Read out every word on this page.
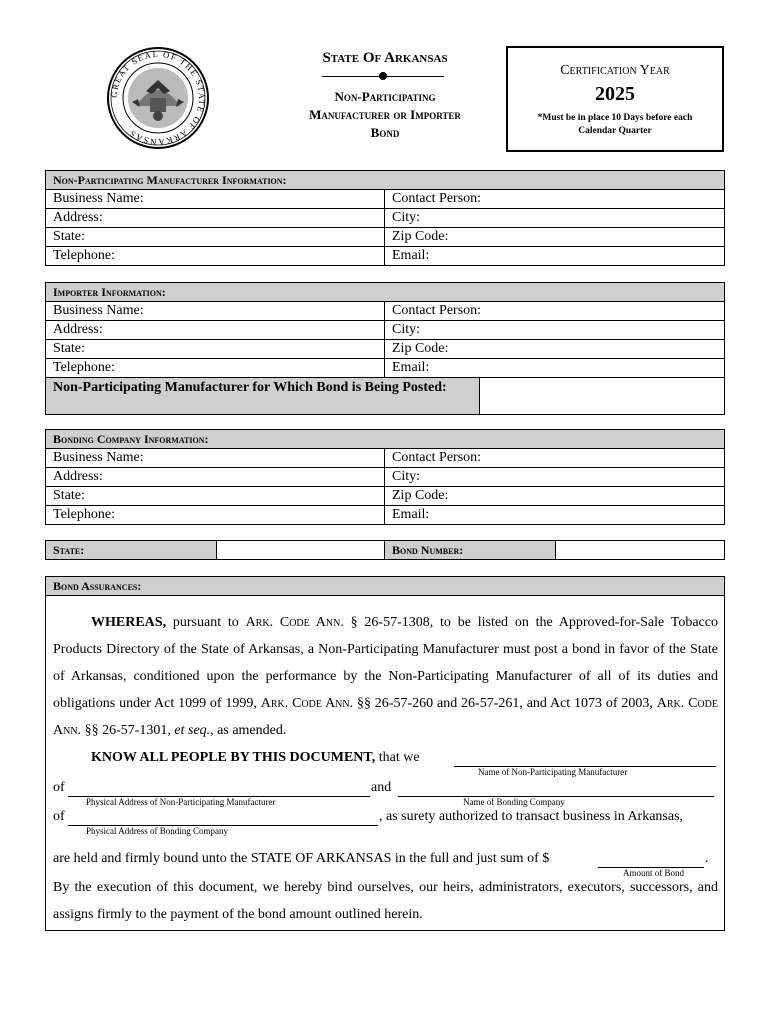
GREAT SEAL OF THE STATE OF ARKANSAS
State Of Arkansas
Non-Participating
Manufacturer or Importer
Bond
Certification Year
2025
*Must be in place 10 Days before each Calendar Quarter
Non-Participating Manufacturer Information:
Business Name:	Contact Person:
Address:	City:
State:	Zip Code:
Telephone:	Email:
Importer Information:
Business Name:	Contact Person:
Address:	City:
State:	Zip Code:
Telephone:	Email:
Non-Participating Manufacturer for Which Bond is Being Posted:
Bonding Company Information:
Business Name:	Contact Person:
Address:	City:
State:	Zip Code:
Telephone:	Email:
State:	Bond Number:
Bond Assurances:
WHEREAS, pursuant to Ark. Code Ann. § 26-57-1308, to be listed on the Approved-for-Sale Tobacco Products Directory of the State of Arkansas, a Non-Participating Manufacturer must post a bond in favor of the State of Arkansas, conditioned upon the performance by the Non-Participating Manufacturer of all of its duties and obligations under Act 1099 of 1999, Ark. Code Ann. §§ 26-57-260 and 26-57-261, and Act 1073 of 2003, Ark. Code Ann. §§ 26-57-1301, et seq., as amended.
KNOW ALL PEOPLE BY THIS DOCUMENT, that we
Name of Non-Participating Manufacturer
of	and
Physical Address of Non-Participating Manufacturer	Name of Bonding Company
of	, as surety authorized to transact business in Arkansas,
Physical Address of Bonding Company
are held and firmly bound unto the STATE OF ARKANSAS in the full and just sum of $	.
Amount of Bond
By the execution of this document, we hereby bind ourselves, our heirs, administrators, executors, successors, and assigns firmly to the payment of the bond amount outlined herein.
